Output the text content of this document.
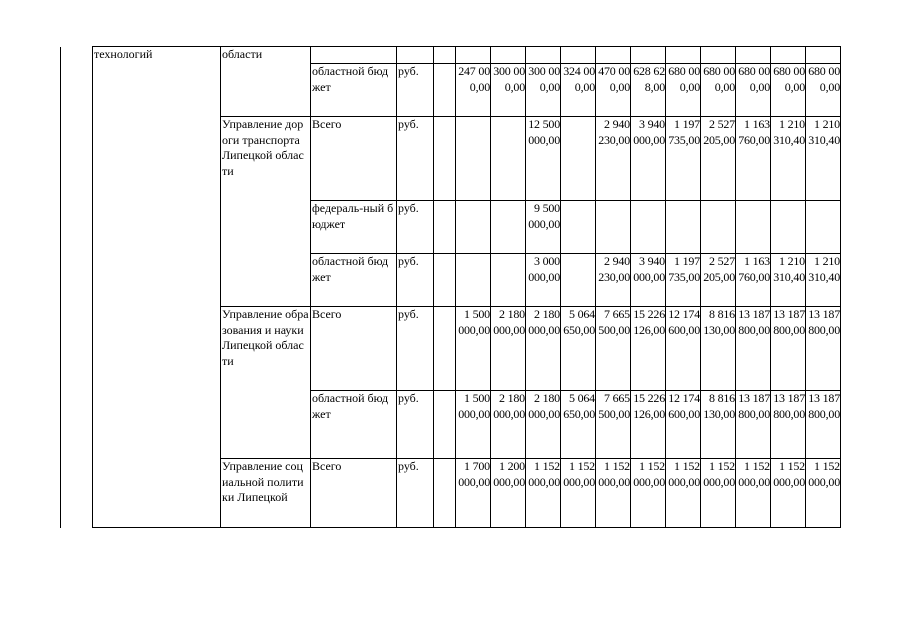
	технологий	области														

			областной бюджет	руб.		247 000,00	300 000,00	300 000,00	324 000,00	470 000,00	628 628,00	680 000,00	680 000,00	680 000,00	680 000,00	680 000,00

		Управление дороги транспорта Липецкой области	Всего	руб.				12 500 000,00		2 940 230,00	3 940 000,00	1 197 735,00	2 527 205,00	1 163 760,00	1 210 310,40	1 210 310,40

			федераль-ный бюджет	руб.				9 500 000,00								

			областной бюджет	руб.				3 000 000,00		2 940 230,00	3 940 000,00	1 197 735,00	2 527 205,00	1 163 760,00	1 210 310,40	1 210 310,40

		Управление образования и науки Липецкой области	Всего	руб.		1 500 000,00	2 180 000,00	2 180 000,00	5 064 650,00	7 665 500,00	15 226 126,00	12 174 600,00	8 816 130,00	13 187 800,00	13 187 800,00	13 187 800,00

			областной бюджет	руб.		1 500 000,00	2 180 000,00	2 180 000,00	5 064 650,00	7 665 500,00	15 226 126,00	12 174 600,00	8 816 130,00	13 187 800,00	13 187 800,00	13 187 800,00

		Управление социальной политики Липецкой	Всего	руб.		1 700 000,00	1 200 000,00	1 152 000,00	1 152 000,00	1 152 000,00	1 152 000,00	1 152 000,00	1 152 000,00	1 152 000,00	1 152 000,00	1 152 000,00
